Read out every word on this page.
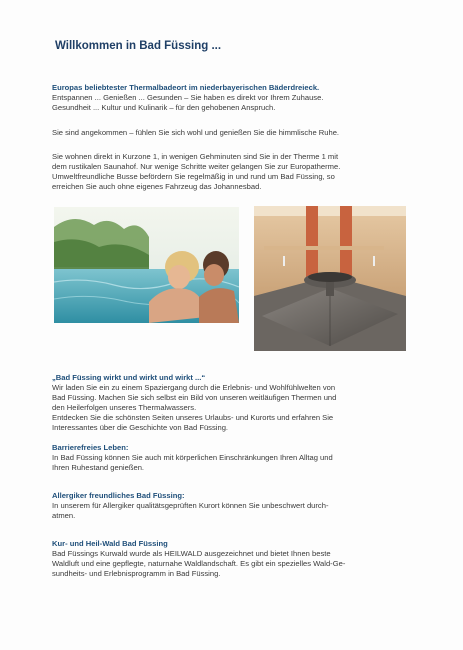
Willkommen in Bad Füssing ...
Europas beliebtester Thermalbadeort im niederbayerischen Bäderdreieck.

Entspannen ... Genießen ... Gesunden – Sie haben es direkt vor Ihrem Zuhause.

Gesundheit ... Kultur und Kulinarik – für den gehobenen Anspruch.

Sie sind angekommen – fühlen Sie sich wohl und genießen Sie die himmlische Ruhe.

Sie wohnen direkt in Kurzone 1, in wenigen Gehminuten sind Sie in der Therme 1 mit

dem rustikalen Saunahof. Nur wenige Schritte weiter gelangen Sie zur Europatherme.

Umweltfreundliche Busse befördern Sie regelmäßig in und rund um Bad Füssing, so

erreichen Sie auch ohne eigenes Fahrzeug das Johannesbad.

„Bad Füssing wirkt und wirkt und wirkt ...“

Wir laden Sie ein zu einem Spaziergang durch die Erlebnis- und Wohlfühlwelten von

Bad Füssing. Machen Sie sich selbst ein Bild von unseren weitläufigen Thermen und

den Heilerfolgen unseres Thermalwassers.

Entdecken Sie die schönsten Seiten unseres Urlaubs- und Kurorts und erfahren Sie

Interessantes über die Geschichte von Bad Füssing.

Barrierefreies Leben:

In Bad Füssing können Sie auch mit körperlichen Einschränkungen Ihren Alltag und

Ihren Ruhestand genießen.

Allergiker freundliches Bad Füssing:

In unserem für Allergiker qualitätsgeprüften Kurort können Sie unbeschwert durch-

atmen.

Kur- und Heil-Wald Bad Füssing

Bad Füssings Kurwald wurde als HEILWALD ausgezeichnet und bietet Ihnen beste

Waldluft und eine gepflegte, naturnahe Waldlandschaft. Es gibt ein spezielles Wald-Ge-

sundheits- und Erlebnisprogramm in Bad Füssing.
